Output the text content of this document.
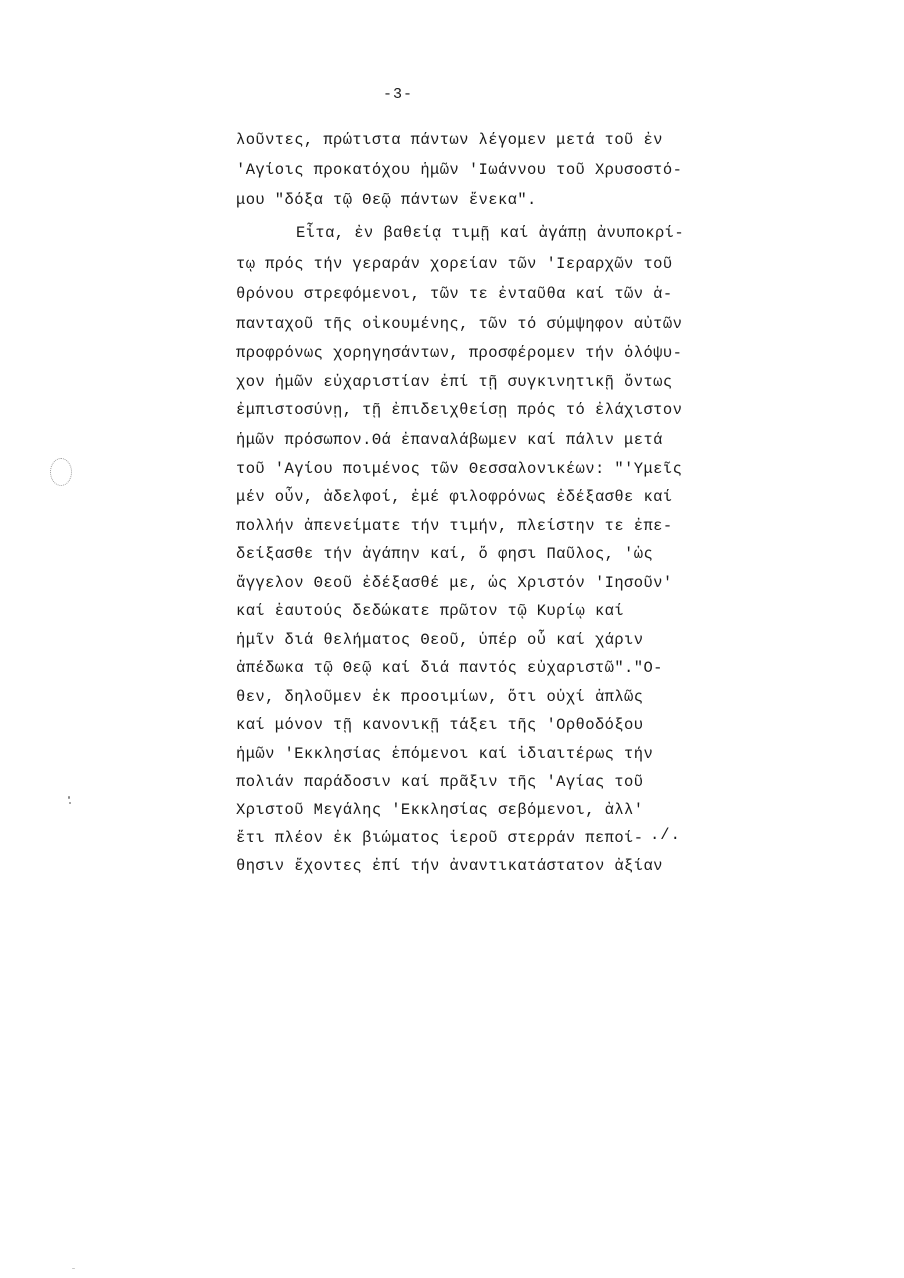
-3-
λοῦντες, πρώτιστα πάντων λέγομεν μετά τοῦ ἐν
'Αγίοις προκατόχου ἡμῶν 'Ιωάννου τοῦ Χρυσοστό-
μου "δόξα τῷ Θεῷ πάντων ἕνεκα".
Εἶτα, ἐν βαθείᾳ τιμῇ καί ἀγάπῃ ἀνυποκρί-
τῳ πρός τήν γεραράν χορείαν τῶν 'Ιεραρχῶν τοῦ
θρόνου στρεφόμενοι, τῶν τε ἐνταῦθα καί τῶν ἁ-
πανταχοῦ τῆς οἰκουμένης, τῶν τό σύμψηφον αὐτῶν
προφρόνως χορηγησάντων, προσφέρομεν τήν ὁλόψυ-
χον ἡμῶν εὐχαριστίαν ἐπί τῇ συγκινητικῇ ὄντως
ἐμπιστοσύνῃ, τῇ ἐπιδειχθείσῃ πρός τό ἐλάχιστον
ἡμῶν πρόσωπον.Θά ἐπαναλάβωμεν καί πάλιν μετά
τοῦ 'Αγίου ποιμένος τῶν Θεσσαλονικέων: "'Υμεῖς
μέν οὖν, ἀδελφοί, ἐμέ φιλοφρόνως ἐδέξασθε καί
πολλήν ἀπενείματε τήν τιμήν, πλείστην τε ἐπε-
δείξασθε τήν ἀγάπην καί, ὅ φησι Παῦλος, 'ὡς
ἄγγελον Θεοῦ ἐδέξασθέ με, ὡς Χριστόν 'Ιησοῦν'
καί ἑαυτούς δεδώκατε πρῶτον τῷ Κυρίῳ καί
ἡμῖν διά θελήματος Θεοῦ, ὑπέρ οὗ καί χάριν
ἀπέδωκα τῷ Θεῷ καί διά παντός εὐχαριστῶ"."Ο-
θεν, δηλοῦμεν ἐκ προοιμίων, ὅτι οὐχί ἁπλῶς
καί μόνον τῇ κανονικῇ τάξει τῆς 'Ορθοδόξου
ἡμῶν 'Εκκλησίας ἑπόμενοι καί ἰδιαιτέρως τήν
πολιάν παράδοσιν καί πρᾶξιν τῆς 'Αγίας τοῦ
Χριστοῦ Μεγάλης 'Εκκλησίας σεβόμενοι, ἀλλ'
ἔτι πλέον ἐκ βιώματος ἱεροῦ στερράν πεποί-
θησιν ἔχοντες ἐπί τήν ἀναντικατάστατον ἀξίαν
./.
